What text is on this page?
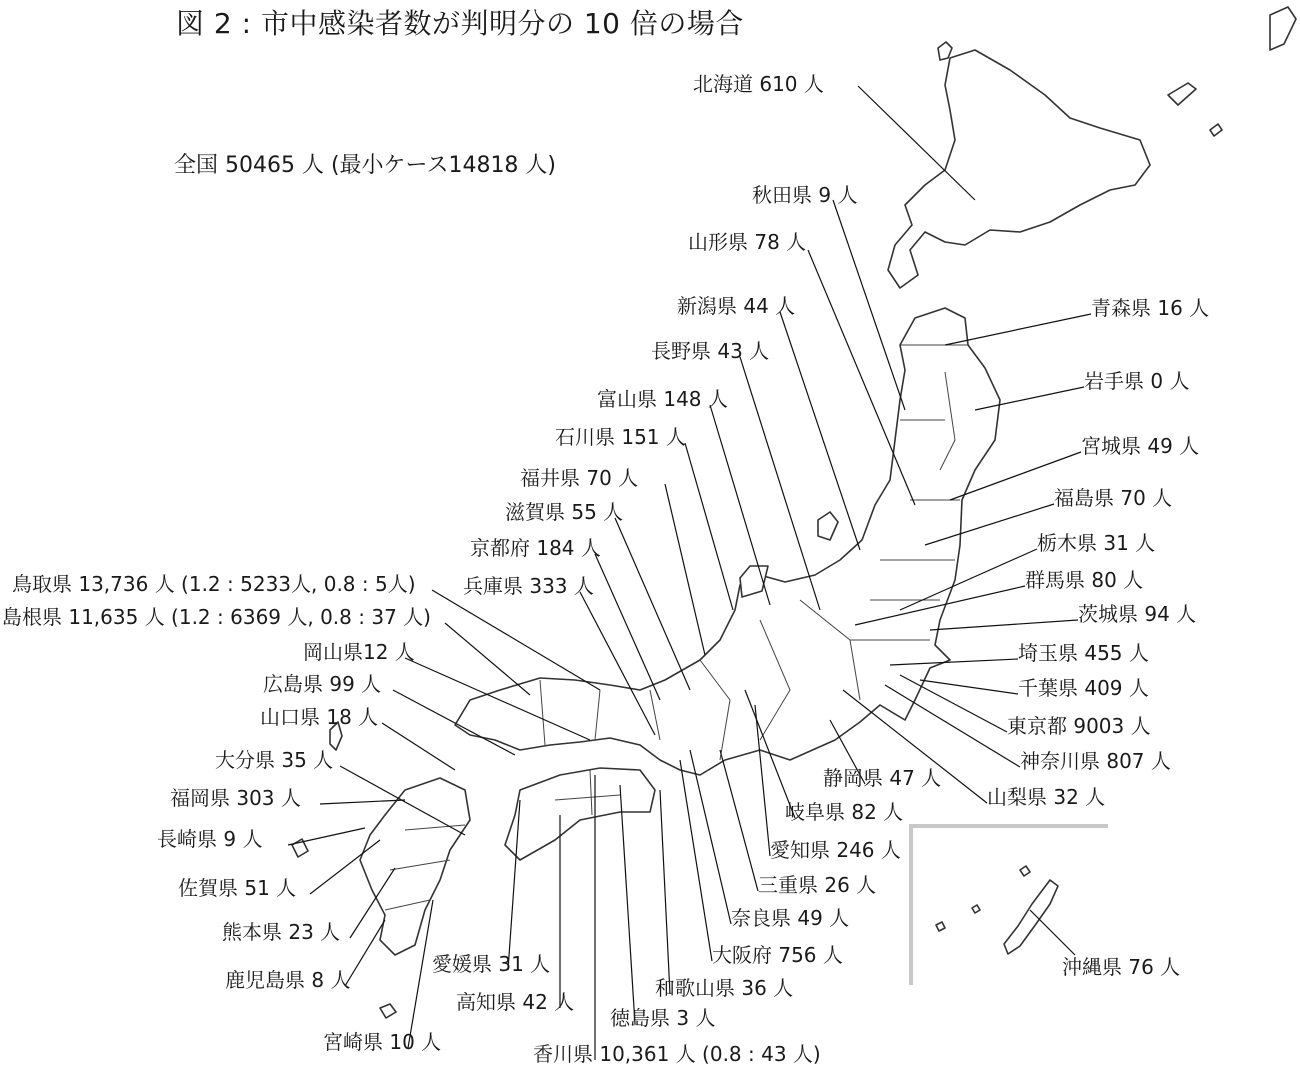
図 2 : 市中感染者数が判明分の 10 倍の場合
全国 50465 人 (最小ケース14818 人)
北海道 610 人
秋田県 9 人
山形県 78 人
新潟県 44 人
長野県 43 人
富山県 148 人
石川県 151 人
福井県 70 人
滋賀県 55 人
京都府 184 人
兵庫県 333 人
鳥取県 13,736 人 (1.2 : 5233人, 0.8 : 5人)
島根県 11,635 人 (1.2 : 6369 人, 0.8 : 37 人)
岡山県12 人
広島県 99 人
山口県 18 人
大分県 35 人
福岡県 303 人
長崎県 9 人
佐賀県 51 人
熊本県 23 人
鹿児島県 8 人
宮崎県 10 人
愛媛県 31 人
高知県 42 人
香川県 10,361 人 (0.8 : 43 人)
徳島県 3 人
和歌山県 36 人
大阪府 756 人
奈良県 49 人
三重県 26 人
愛知県 246 人
岐阜県 82 人
静岡県 47 人
山梨県 32 人
神奈川県 807 人
東京都 9003 人
千葉県 409 人
埼玉県 455 人
茨城県 94 人
群馬県 80 人
栃木県 31 人
福島県 70 人
宮城県 49 人
岩手県 0 人
青森県 16 人
沖縄県 76 人
